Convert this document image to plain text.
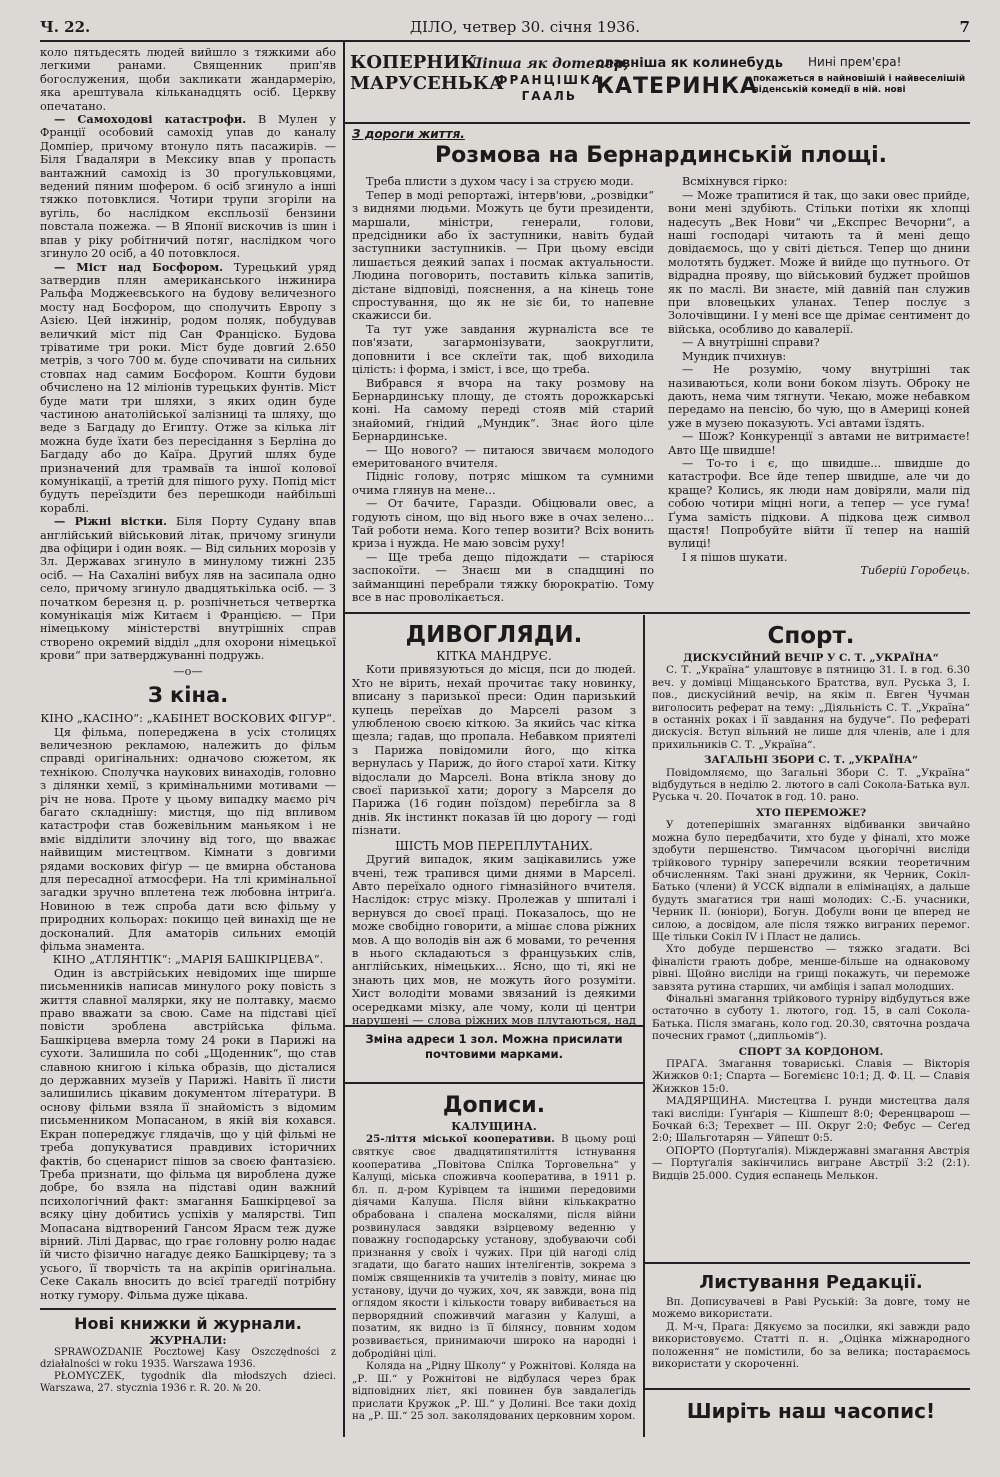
Ч. 22.	ДІЛО, четвер 30. січня 1936.	7
КОПЕРНИК
МАРУСЕНЬКА
Ліпша як дотепер,
ФРАНЦІШКА
ГААЛЬ
славніша як колинебудь
КАТЕРИНКА
Нині прем'єра!
покажеться в найновішій і найвеселішій віденській комедії в ній. нові

коло пятьдесять людей вийшло з тяжкими або легкими ранами. Священник прип'яв богослужения, щоби закликати жандармерію, яка арештувала кільканадцять осіб. Церкву опечатано.

— Самоходові катастрофи. В Мулен у Франції особовий самохід упав до каналу Домпіер, причому втонуло пять пасажирів. — Біля Ґвадаляри в Мексику впав у пропасть вантажний самохід із 30 прогульковцями, ведений пяним шофером. 6 осіб згинуло а інші тяжко потовклися. Чотири трупи згоріли на вугіль, бо наслідком експльозії бензини повстала пожежа. — В Японії вискочив із шин і впав у ріку робітничий потяг, наслідком чого згинуло 20 осіб, а 40 потовклося.

— Міст над Босфором. Турецький уряд затвердив плян американського інжинира Ральфа Моджеєвського на будову величезного мосту над Босфором, що сполучить Европу з Азією. Цей інжинір, родом поляк, побудував величкий міст під Сан Франціско. Будова тріватиме три роки. Міст буде довгий 2.650 метрів, з чого 700 м. буде спочивати на сильних стовпах над самим Босфором. Кошти будови обчислено на 12 міліонів турецьких фунтів. Міст буде мати три шляхи, з яких один буде частиною анатолійської залізниці та шляху, що веде з Багдаду до Египту. Отже за кілька літ можна буде їхати без пересідання з Берліна до Багдаду або до Каїра. Другий шлях буде призначений для трамваїв та іншої колової комунікації, а третій для пішого руху. Попід міст будуть переїздити без перешкоди найбільші кораблі.

— Ріжні вістки. Біля Порту Судану впав англійський військовий літак, причому згинули два офіцири і один вояк. — Від сильних морозів у Зл. Державах згинуло в минулому тижні 235 осіб. — На Сахаліні вибух ляв на засипала одно село, причому згинуло двадцятькілька осіб. — З початком березня ц. р. розпічнеться четвертка комунікація між Китаєм і Францією. — При німецькому міністерстві внутрішніх справ створено окремий відділ „для охорони німецької крови“ при затверджуванні подружь.

—о—
З кіна.
КІНО „КАСІНО“: „КАБІНЕТ ВОСКОВИХ ФІГУР“.

Ця фільма, попереджена в усіх столицях величезною рекламою, належить до фільм справді оригінальних: одначово сюжетом, як технікою. Сполучка наукових винаходів, головно з ділянки хемії, з кримінальними мотивами — річ не нова. Проте у цьому випадку маємо річ багато складнішу: мистця, що під впливом катастрофи став божевільним маньяком і не вміє відділити злочину від того, що вважає найвищим мистецтвом. Кімнати з довгими рядами воскових фіґур — це вмирна обстанова для пересадної атмосфери. На тлі кримінальної загадки зручно вплетена теж любовна інтриґа. Новиною в теж спроба дати всю фільму у природних кольорах: покищо цей винахід ще не досконалий. Для аматорів сильних емоцій фільма знамента.

КІНО „АТЛЯНТІК“: „МАРІЯ БАШКІРЦЕВА“.

Один із австрійських невідомих іще ширше письменників написав минулого року повість з життя славної малярки, яку не полтавку, маємо право вважати за свою. Саме на підставі цієї повісти зроблена австрійська фільма. Башкірцева вмерла тому 24 роки в Парижі на сухоти. Залишила по собі „Щоденник“, що став славною книгою і кілька образів, що дісталися до державних музеїв у Парижі. Навіть її листи залишились цікавим документом літератури. В основу фільми взяла її знайомість з відомим письменником Мопасаном, в якій вія кохався. Екран попереджує глядачів, що у цій фільмі не треба допукуватися правдивих історичних фактів, бо сценарист пішов за своєю фантазією. Треба признати, що фільма ця вироблена дуже добре, бо взяла на підставі один важний психологічний факт: змагання Башкірцевої за всяку ціну добитись успіхів у малярстві. Тип Мопасана відтворений Гансом Ярасм теж дуже вірний. Лілі Дарвас, що грає головну ролю надає їй чисто фізично нагадує деяко Башкірцеву; та з усього, її творчість та на акріпів оригінальна. Секе Сакаль вносить до всієї трагедії потрібну нотку гумору. Фільма дуже цікава.

Нові книжки й журнали.
ЖУРНАЛИ:

SPRAWOZDANIE Pocztowej Kasy Oszczędności z działalności w roku 1935. Warszawa 1936.

PŁOMYCZEK, tygodnik dla młodszych dzieci. Warszawa, 27. stycznia 1936 r. R. 20. № 20.

З дороги життя.
Розмова на Бернардинській площі.

Треба плисти з духом часу і за струєю моди.

Тепер в моді репортажі, інтерв'юви, „розвідки“ з виднями людьми. Можуть це бути президенти, маршали, міністри, генерали, голови, предсідники або їх заступники, навіть будай заступники заступників. — При цьому евсіди лишається деякий запах і посмак актуальности. Людина поговорить, поставить кілька запитів, дістане відповіді, пояснення, а на кінець тоне спростування, що як не зіє би, то напевне скажисси би.

Та тут уже завдання журналіста все те пов'язати, загармонізувати, заокруглити, доповнити і все склеїти так, щоб виходила цілість: і форма, і зміст, і все, що треба.

Вибрався я вчора на таку розмову на Бернардинську площу, де стоять дорожкарські коні. На самому переді стояв мій старий знайомий, ґнідий „Мундик“. Знає його ціле Бернардинське.

— Що нового? — питаюся звичаєм молодого емеритованого вчителя.

Підніс голову, потряс мішком та сумними очима глянув на мене...

— От бачите, Гаразди. Обіцювали овес, а годують сіном, що від нього вже в очах зелено... Тай роботи нема. Кого тепер возити? Всіх вонить криза і нужда. Не маю зовсім руху!

— Ще треба дещо підождати — старіюся заспокоїти. — Знаєш ми в спадщині по займанщині перебрали тяжку бюрократію. Тому все в нас проволікається.

Всміхнувся гірко:

— Може трапитися й так, що заки овес прийде, вони мені здубіють. Стільки потіхи як хлопці надесуть „Век Нови“ чи „Експрес Вечорни“, а наші господарі читають та й мені дещо довідаємось, що у світі діється. Тепер що днини молотять буджет. Може й вийде що путнього. От відрадна прояву, що військовий буджет пройшов як по маслі. Ви знаєте, мій давній пан служив при вловецьких уланах. Тепер послує з Золочівщини. І у мені все ще дрімає сентимент до війська, особливо до кавалерії.

— А внутрішні справи?

Мундик пчихнув:

— Не розумію, чому внутрішні так називаються, коли вони боком лізуть. Оброку не дають, нема чим тягнути. Чекаю, може небавком передамо на пенсію, бо чую, що в Америці коней уже в музею показують. Усі автами їздять.

— Шож? Конкуренції з автами не витримаєте! Авто Ще швидше!

— То-то і є, що швидше... швидше до катастрофи. Все йде тепер швидше, але чи до краще? Колись, як люди нам довіряли, мали під собою чотири міцні ноги, а тепер — усе гума! Ґума замість підкови. А підкова цеж символ щастя! Попробуйте війти її тепер на нашій вулиці!

І я пішов шукати.

Тиберій Горобець.

ДИВОГЛЯДИ.
КІТКА МАНДРУЄ.

Коти привязуються до місця, пси до людей. Хто не вірить, нехай прочитає таку новинку, вписану з паризької преси: Один паризький купець переїхав до Марселі разом з улюбленою своєю кіткою. За якийсь час кітка щезла; гадав, що пропала. Небавком приятелі з Парижа повідомили його, що кітка вернулась у Париж, до його старої хати. Кітку відослали до Марселі. Вона втікла знову до своєї паризької хати; дорогу з Марселя до Парижа (16 годин поїздом) перебігла за 8 днів. Як інстинкт показав їй цю дорогу — годі пізнати.

ШІСТЬ МОВ ПЕРЕПЛУТАНИХ.

Другий випадок, яким зацікавились уже вчені, теж трапився цими днями в Марселі. Авто переїхало одного гімназійного вчителя. Наслідок: струс мізку. Пролежав у шпиталі і вернувся до своєї праці. Показалось, що не може свобідно говорити, а мішає слова ріжних мов. А що володів він аж 6 мовами, то речення в нього складаються з французьких слів, англійських, німецьких... Ясно, що ті, які не знають цих мов, не можуть його розуміти. Хист володіти мовами звязаний із деякими осередками мізку, але чому, коли ці центри нарушені — слова ріжних мов плутаються, над

Зміна адреси 1 зол. Можна присилати почтовими марками.
Дописи.
КАЛУЩИНА.

25-ліття міської кооперативи. В цьому році святкує своє двадцятипятиліття істнування кооператива „Повітова Спілка Торговельна“ у Калущі, міська споживча кооператива, в 1911 р. бл. п. д-ром Курівцем та іншими передовими діячами Калуша. Після війни кількакратно обрабована і спалена москалями, після війни розвинулася завдяки взірцевому веденню у поважну господарську установу, здобуваючи собі признання у своїх і чужих. При цій нагоді слід згадати, що багато наших інтелігентів, зокрема з поміж священників та учителів з повіту, минає цю установу, ідучи до чужих, хоч, як завжди, вона під оглядом якости і кількости товару вибивається на перворядний споживчий магазин у Калуші, а позатим, як видно із її білянсу, повним ходом розвивається, принимаючи широко на народні і добродійні цілі.

Коляда на „Рідну Школу“ у Рожнітові. Коляда на „Р. Ш.“ у Рожнітові не відбулася через брак відповідних лієт, які повинен був завдалегідь прислати Кружок „Р. Ш.“ у Долині. Все таки дохід на „Р. Ш.“ 25 зол. заколядованих церковним хором.

Спорт.
ДИСКУСІЙНИЙ ВЕЧІР У С. Т. „УКРАЇНА“

С. Т. „Україна“ улаштовує в пятницю 31. І. в год. 6.30 веч. у домівці Міщанського Братства, вул. Руська 3, І. пов., дискусійний вечір, на якім п. Евген Чучман виголосить реферат на тему: „Діяльність С. Т. „Україна“ в останніх роках і її завдання на будуче“. По рефераті дискусія. Вступ вільний не лише для членів, але і для прихильників С. Т. „Україна“.

ЗАГАЛЬНІ ЗБОРИ С. Т. „УКРАЇНА“

Повідомляємо, що Загальні Збори С. Т. „Україна“ відбудуться в неділю 2. лютого в салі Сокола-Батька вул. Руська ч. 20. Початок в год. 10. рано.

ХТО ПЕРЕМОЖЕ?

У дотеперішніх змаганнях відбиванки звичайно можна було передбачити, хто буде у фіналі, хто може здобути першенство. Тимчасом цьогорічні висліди трійкового турніру заперечили всякии теоретичним обчисленням. Такі знані дружини, як Черник, Сокіл-Батько (члени) й УССК відпали в елімінаціях, а дальше будуть змагатися три наші молодих: С.-Б. учасники, Черник ІІ. (юніори), Богун. Добули вони це вперед не силою, а досвідом, але після тяжко виграних перемог. Ще тільки Сокіл IV і Пласт не дались.

Хто добуде першенство — тяжко згадати. Всі фіналісти грають добре, менше-більше на однаковому рівні. Щойно висліди на грищі покажуть, чи переможе завзята рутина старших, чи амбіція і запал молодших.

Фінальні змагання трійкового турніру відбудуться вже остаточно в суботу 1. лютого, год. 15, в салі Сокола-Батька. Після змагань, коло год. 20.30, святочна роздача почесних грамот („дипльомів“).

СПОРТ ЗА КОРДОНОМ.

ПРАГА. Змагання товариські. Славія — Вікторія Жижков 0:1; Спарта — Богемієнс 10:1; Д. Ф. Ц. — Славія Жижков 15:0.

МАДЯРЩИНА. Мистецтва І. рунди мистецтва даля такі висліди: Ґунґарія — Кішпешт 8:0; Ференцварош — Бочкай 6:3; Терехвет — ІІІ. Округ 2:0; Фебус — Сеґед 2:0; Шальготарян — Уйпешт 0:5.

ОПОРТО (Портуґалія). Міждержавні змагання Австрія — Портуґалія закінчились вигране Австрії 3:2 (2:1). Видців 25.000. Судия еспанець Мелькон.

Листування Редакції.

Вп. Дописувачеві в Раві Руській: За довге, тому не можемо використати.

Д. М-ч, Прага: Дякуємо за посилки, які завжди радо використовуємо. Статті п. н. „Оцінка міжнародного положення“ не помістили, бо за велика; постараємось використати у скороченні.

Ширіть наш часопис!
